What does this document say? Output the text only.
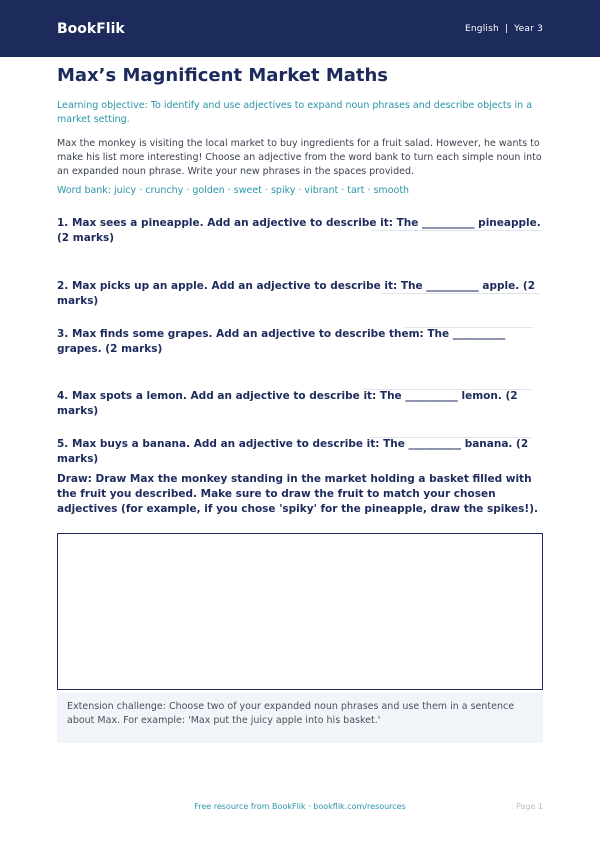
BookFlik	English | Year 3
Max’s Magnificent Market Maths

Learning objective: To identify and use adjectives to expand noun phrases and describe objects in a market setting.

Max the monkey is visiting the local market to buy ingredients for a fruit salad. However, he wants to make his list more interesting! Choose an adjective from the word bank to turn each simple noun into an expanded noun phrase. Write your new phrases in the spaces provided.

Word bank: juicy · crunchy · golden · sweet · spiky · vibrant · tart · smooth

1. Max sees a pineapple. Add an adjective to describe it: The __________ pineapple. (2 marks)

2. Max picks up an apple. Add an adjective to describe it: The __________ apple. (2 marks)

3. Max finds some grapes. Add an adjective to describe them: The __________ grapes. (2 marks)

4. Max spots a lemon. Add an adjective to describe it: The __________ lemon. (2 marks)

5. Max buys a banana. Add an adjective to describe it: The __________ banana. (2 marks)

Draw: Draw Max the monkey standing in the market holding a basket filled with the fruit you described. Make sure to draw the fruit to match your chosen adjectives (for example, if you chose 'spiky' for the pineapple, draw the spikes!).

Extension challenge: Choose two of your expanded noun phrases and use them in a sentence about Max. For example: 'Max put the juicy apple into his basket.'

Free resource from BookFlik · bookflik.com/resources	Page 1
